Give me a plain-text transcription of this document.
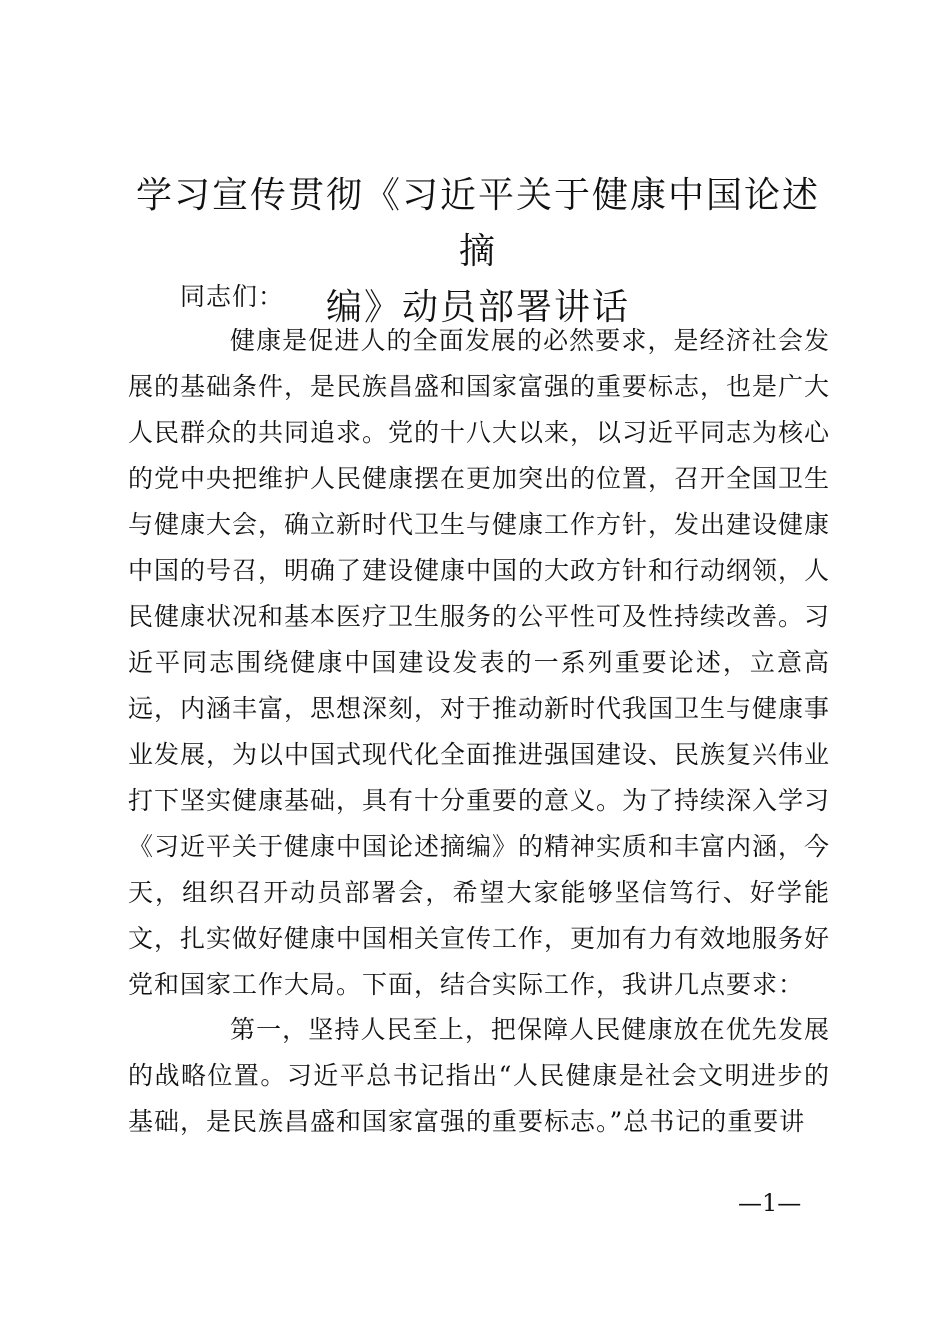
学习宣传贯彻《习近平关于健康中国论述摘
编》动员部署讲话

同志们：

健康是促进人的全面发展的必然要求，是经济社会发展的基础条件，是民族昌盛和国家富强的重要标志，也是广大人民群众的共同追求。党的十八大以来，以习近平同志为核心的党中央把维护人民健康摆在更加突出的位置，召开全国卫生与健康大会，确立新时代卫生与健康工作方针，发出建设健康中国的号召，明确了建设健康中国的大政方针和行动纲领，人民健康状况和基本医疗卫生服务的公平性可及性持续改善。习近平同志围绕健康中国建设发表的一系列重要论述，立意高远，内涵丰富，思想深刻，对于推动新时代我国卫生与健康事业发展，为以中国式现代化全面推进强国建设、民族复兴伟业打下坚实健康基础，具有十分重要的意义。为了持续深入学习《习近平关于健康中国论述摘编》的精神实质和丰富内涵，今天，组织召开动员部署会，希望大家能够坚信笃行、好学能文，扎实做好健康中国相关宣传工作，更加有力有效地服务好党和国家工作大局。下面，结合实际工作，我讲几点要求：

第一，坚持人民至上，把保障人民健康放在优先发展的战略位置。习近平总书记指出“人民健康是社会文明进步的基础，是民族昌盛和国家富强的重要标志。”总书记的重要讲

—1—
